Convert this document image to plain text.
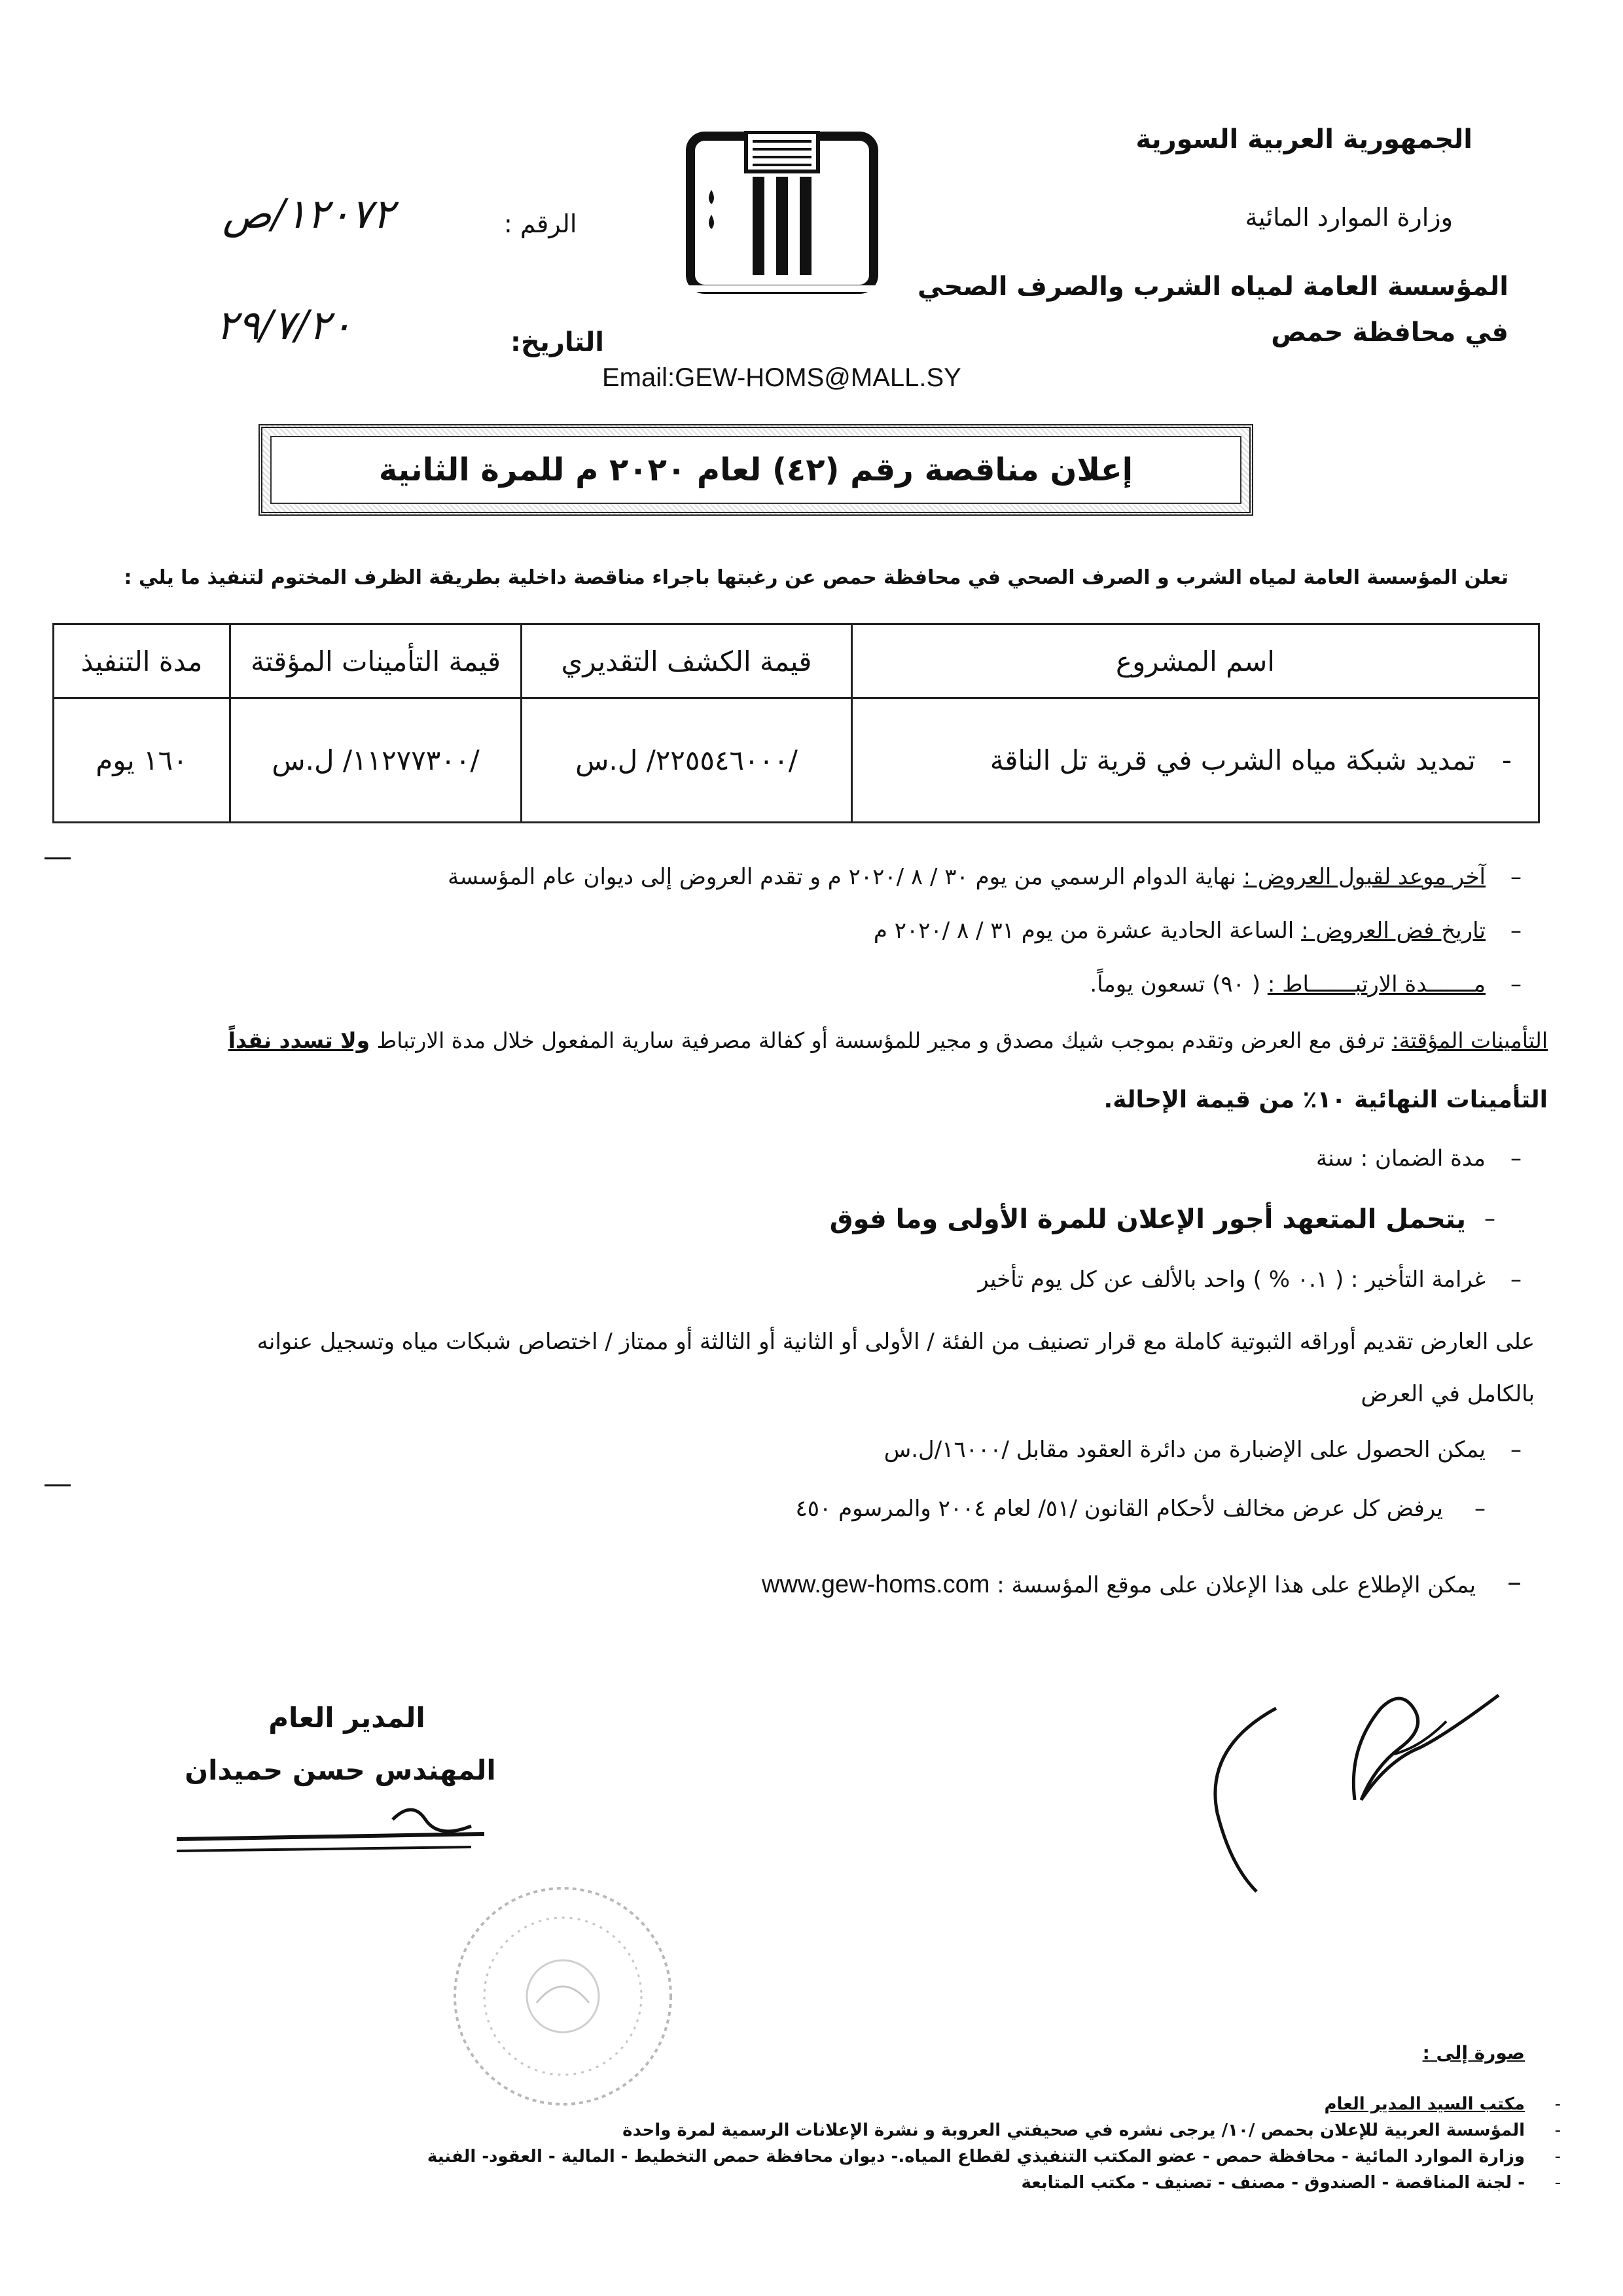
الجمهورية العربية السورية
وزارة الموارد المائية
المؤسسة العامة لمياه الشرب والصرف الصحي
في محافظة حمص
الرقم :
١٢٠٧٢/ص
التاريخ:
٢٩/٧/٢٠
Email:GEW-HOMS@MALL.SY
إعلان مناقصة رقم (٤٢) لعام ٢٠٢٠ م للمرة الثانية
تعلن المؤسسة العامة لمياه الشرب و الصرف الصحي في محافظة حمص عن رغبتها باجراء مناقصة داخلية بطريقة الظرف المختوم لتنفيذ ما يلي :
اسم المشروع	قيمة الكشف التقديري	قيمة التأمينات المؤقتة	مدة التنفيذ
-   تمديد شبكة مياه الشرب في قرية تل الناقة	/٢٢٥٥٤٦٠٠٠/ ل.س	/١١٢٧٧٣٠٠/ ل.س	١٦٠ يوم
آخر موعد لقبول العروض : نهاية الدوام الرسمي من يوم ٣٠ / ٨ /٢٠٢٠ م و تقدم العروض إلى ديوان عام المؤسسة	–
تاريخ فض العروض : الساعة الحادية عشرة من يوم ٣١ / ٨ /٢٠٢٠ م	–
مـــــــدة الارتبـــــــاط : ( ٩٠) تسعون يوماً.	–
التأمينات المؤقتة: ترفق مع العرض وتقدم بموجب شيك مصدق و مجير للمؤسسة أو كفالة مصرفية سارية المفعول خلال مدة الارتباط ولا تسدد نقداً
التأمينات النهائية ١٠٪ من قيمة الإحالة.
مدة الضمان : سنة –
يتحمل المتعهد أجور الإعلان للمرة الأولى وما فوق –
غرامة التأخير : ( ٠.١ % ) واحد بالألف عن كل يوم تأخير –
على العارض تقديم أوراقه الثبوتية كاملة مع قرار تصنيف من الفئة / الأولى أو الثانية أو الثالثة أو ممتاز / اختصاص شبكات مياه وتسجيل عنوانه
بالكامل في العرض
يمكن الحصول على الإضبارة من دائرة العقود مقابل /١٦٠٠٠/ل.س –
يرفض كل عرض مخالف لأحكام القانون /٥١/ لعام ٢٠٠٤ والمرسوم ٤٥٠ –
يمكن الإطلاع على هذا الإعلان على موقع المؤسسة : www.gew-homs.com	–
المدير العام
المهندس حسن حميدان
صورة إلى :
مكتب السيد المدير العام
المؤسسة العربية للإعلان بحمص /١٠/ يرجى نشره في صحيفتي العروبة و نشرة الإعلانات الرسمية لمرة واحدة
وزارة الموارد المائية - محافظة حمص - عضو المكتب التنفيذي لقطاع المياه.- ديوان محافظة حمص التخطيط - المالية - العقود- الفنية
- لجنة المناقصة - الصندوق - مصنف - تصنيف - مكتب المتابعة
-
-
-
-
